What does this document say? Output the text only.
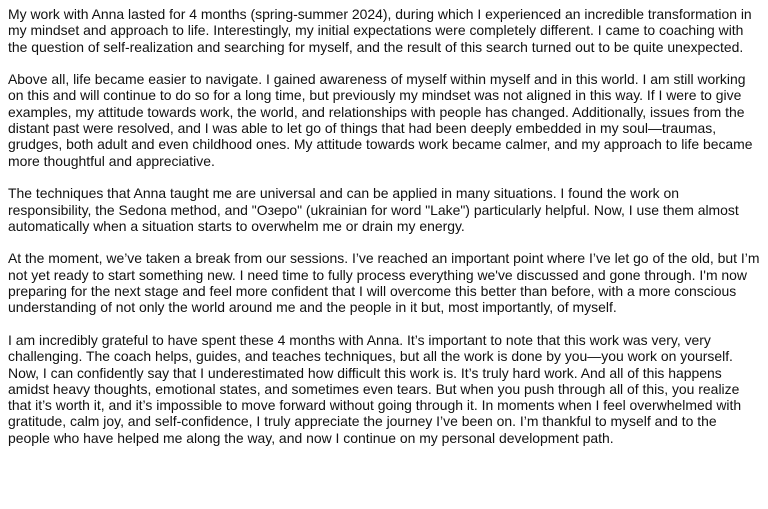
My work with Anna lasted for 4 months (spring-summer 2024), during which I experienced an incredible transformation in my mindset and approach to life. Interestingly, my initial expectations were completely different. I came to coaching with the question of self-realization and searching for myself, and the result of this search turned out to be quite unexpected.

Above all, life became easier to navigate. I gained awareness of myself within myself and in this world. I am still working on this and will continue to do so for a long time, but previously my mindset was not aligned in this way. If I were to give examples, my attitude towards work, the world, and relationships with people has changed. Additionally, issues from the distant past were resolved, and I was able to let go of things that had been deeply embedded in my soul—traumas, grudges, both adult and even childhood ones. My attitude towards work became calmer, and my approach to life became more thoughtful and appreciative.

The techniques that Anna taught me are universal and can be applied in many situations. I found the work on responsibility, the Sedona method, and "Озеро" (ukrainian for word "Lake") particularly helpful. Now, I use them almost automatically when a situation starts to overwhelm me or drain my energy.

At the moment, we’ve taken a break from our sessions. I’ve reached an important point where I’ve let go of the old, but I’m not yet ready to start something new. I need time to fully process everything we've discussed and gone through. I'm now preparing for the next stage and feel more confident that I will overcome this better than before, with a more conscious understanding of not only the world around me and the people in it but, most importantly, of myself.

I am incredibly grateful to have spent these 4 months with Anna. It’s important to note that this work was very, very challenging. The coach helps, guides, and teaches techniques, but all the work is done by you—you work on yourself. Now, I can confidently say that I underestimated how difficult this work is. It’s truly hard work. And all of this happens amidst heavy thoughts, emotional states, and sometimes even tears. But when you push through all of this, you realize that it’s worth it, and it’s impossible to move forward without going through it. In moments when I feel overwhelmed with gratitude, calm joy, and self-confidence, I truly appreciate the journey I’ve been on. I’m thankful to myself and to the people who have helped me along the way, and now I continue on my personal development path.
